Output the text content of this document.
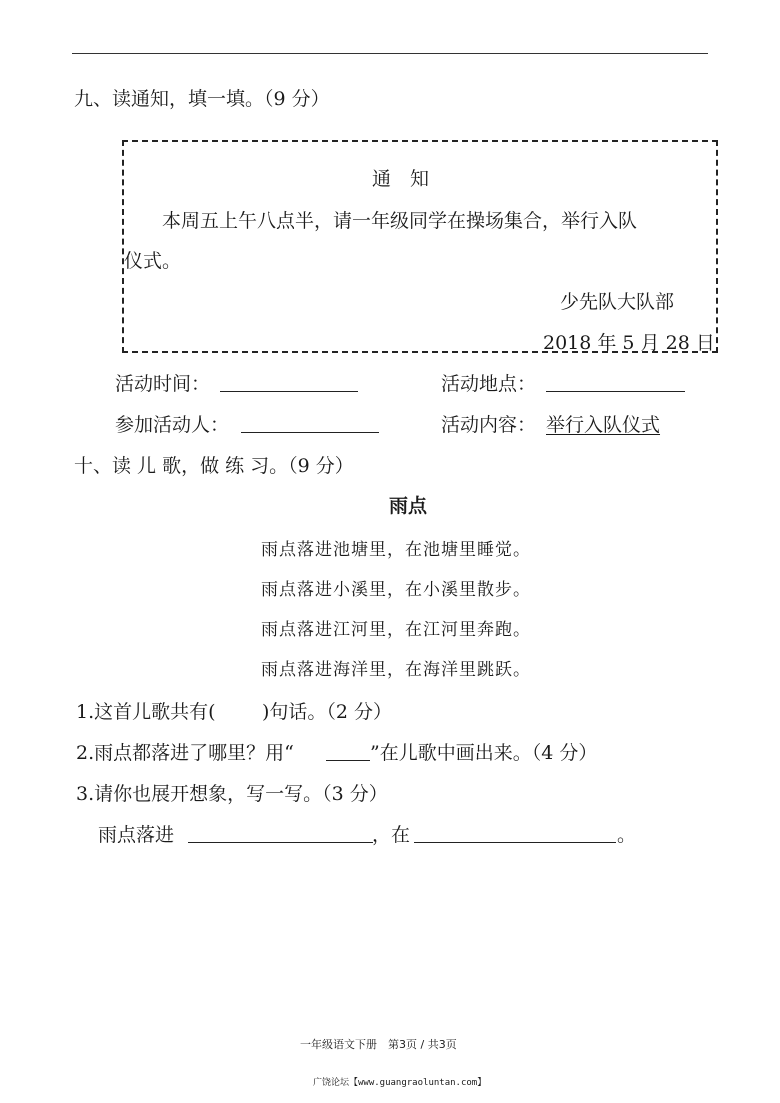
九、读通知，填一填。（9 分）
通　知
本周五上午八点半，请一年级同学在操场集合，举行入队
仪式。
少先队大队部
2018 年 5 月 28 日
活动时间：	活动地点：
参加活动人：	活动内容： 举行入队仪式
十、读 儿 歌，做 练 习。（9 分）
雨点
雨点落进池塘里，在池塘里睡觉。
雨点落进小溪里，在小溪里散步。
雨点落进江河里，在江河里奔跑。
雨点落进海洋里，在海洋里跳跃。
1.这首儿歌共有( )句话。（2 分）
2.雨点都落进了哪里？用“	”在儿歌中画出来。（4 分）
3.请你也展开想象，写一写。（3 分）
雨点落进	，在	。
一年级语文下册　第3页 / 共3页
广饶论坛【www.guangraoluntan.com】
